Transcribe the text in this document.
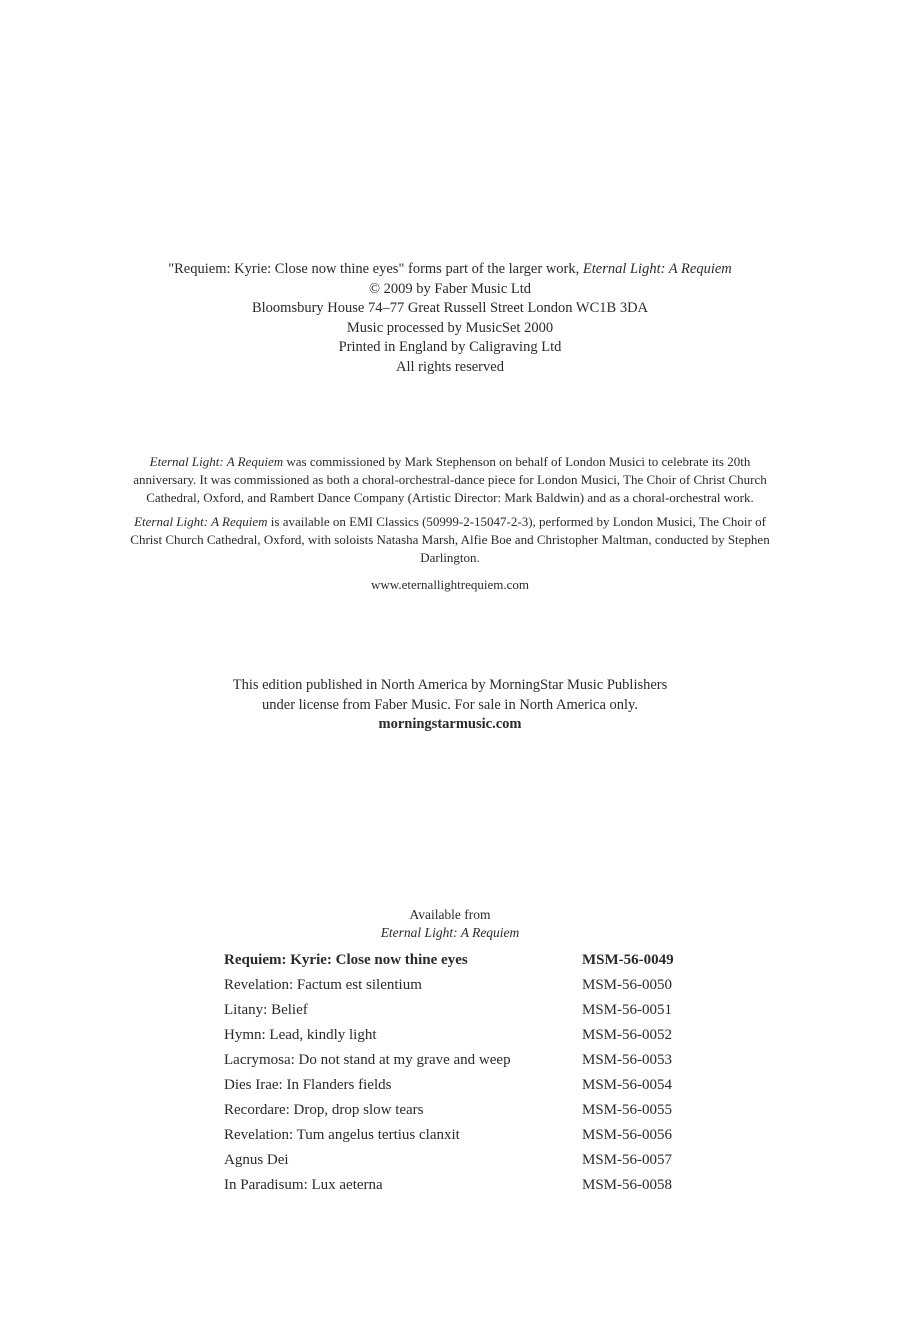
"Requiem: Kyrie: Close now thine eyes" forms part of the larger work, Eternal Light: A Requiem
© 2009 by Faber Music Ltd
Bloomsbury House 74–77 Great Russell Street London WC1B 3DA
Music processed by MusicSet 2000
Printed in England by Caligraving Ltd
All rights reserved

Eternal Light: A Requiem was commissioned by Mark Stephenson on behalf of London Musici to celebrate its 20th anniversary. It was commissioned as both a choral-orchestral-dance piece for London Musici, The Choir of Christ Church Cathedral, Oxford, and Rambert Dance Company (Artistic Director: Mark Baldwin) and as a choral-orchestral work.

Eternal Light: A Requiem is available on EMI Classics (50999-2-15047-2-3), performed by London Musici, The Choir of Christ Church Cathedral, Oxford, with soloists Natasha Marsh, Alfie Boe and Christopher Maltman, conducted by Stephen Darlington.

www.eternallightrequiem.com

This edition published in North America by MorningStar Music Publishers
under license from Faber Music. For sale in North America only.
morningstarmusic.com
Available from
Eternal Light: A Requiem
Requiem: Kyrie: Close now thine eyes	MSM-56-0049
Revelation: Factum est silentium	MSM-56-0050
Litany: Belief	MSM-56-0051
Hymn: Lead, kindly light	MSM-56-0052
Lacrymosa: Do not stand at my grave and weep	MSM-56-0053
Dies Irae: In Flanders fields	MSM-56-0054
Recordare: Drop, drop slow tears	MSM-56-0055
Revelation: Tum angelus tertius clanxit	MSM-56-0056
Agnus Dei	MSM-56-0057
In Paradisum: Lux aeterna	MSM-56-0058
